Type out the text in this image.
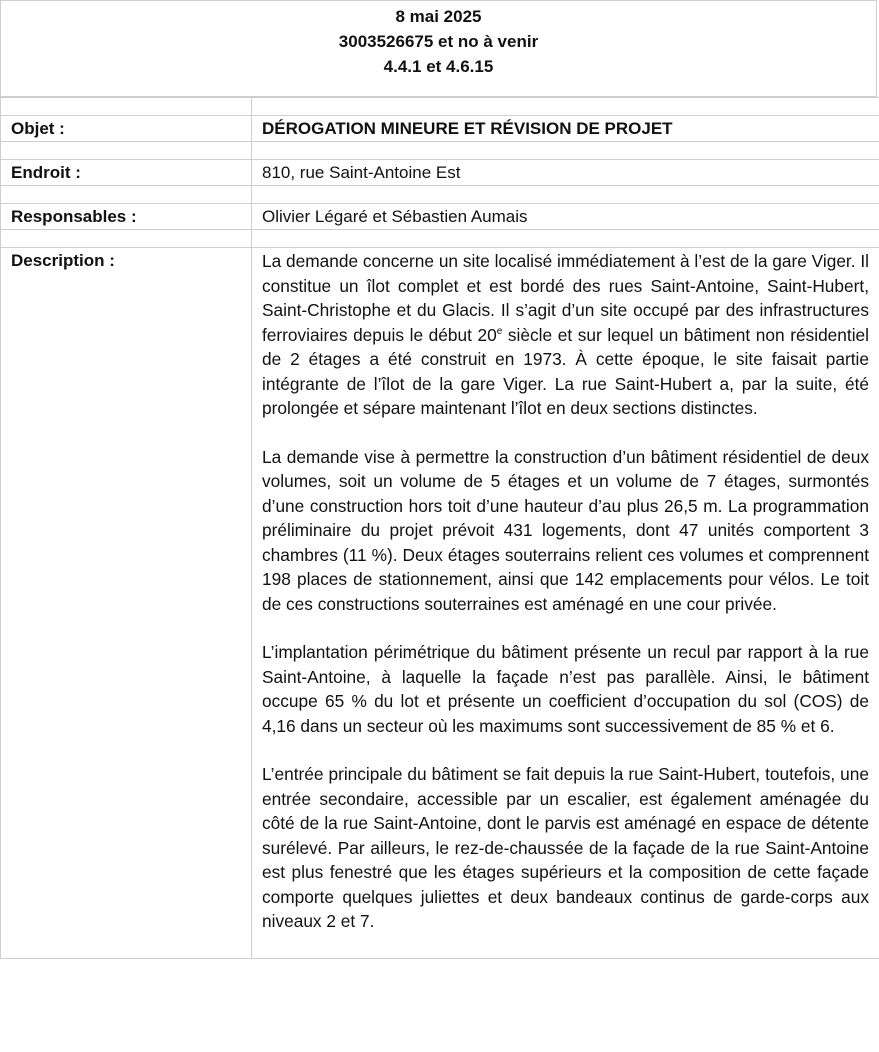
8 mai 2025
3003526675 et no à venir
4.4.1 et 4.6.15

Objet :	DÉROGATION MINEURE ET RÉVISION DE PROJET

Endroit :	810, rue Saint-Antoine Est

Responsables :	Olivier Légaré et Sébastien Aumais

Description :	La demande concerne un site localisé immédiatement à l’est de la gare Viger. Il constitue un îlot complet et est bordé des rues Saint-Antoine, Saint-Hubert, Saint-Christophe et du Glacis. Il s’agit d’un site occupé par des infrastructures ferroviaires depuis le début 20e siècle et sur lequel un bâtiment non résidentiel de 2 étages a été construit en 1973. À cette époque, le site faisait partie intégrante de l’îlot de la gare Viger. La rue Saint-Hubert a, par la suite, été prolongée et sépare maintenant l’îlot en deux sections distinctes.

La demande vise à permettre la construction d’un bâtiment résidentiel de deux volumes, soit un volume de 5 étages et un volume de 7 étages, surmontés d’une construction hors toit d’une hauteur d’au plus 26,5 m. La programmation préliminaire du projet prévoit 431 logements, dont 47 unités comportent 3 chambres (11 %). Deux étages souterrains relient ces volumes et comprennent 198 places de stationnement, ainsi que 142 emplacements pour vélos. Le toit de ces constructions souterraines est aménagé en une cour privée.

L’implantation périmétrique du bâtiment présente un recul par rapport à la rue Saint-Antoine, à laquelle la façade n’est pas parallèle. Ainsi, le bâtiment occupe 65 % du lot et présente un coefficient d’occupation du sol (COS) de 4,16 dans un secteur où les maximums sont successivement de 85 % et 6.

L’entrée principale du bâtiment se fait depuis la rue Saint-Hubert, toutefois, une entrée secondaire, accessible par un escalier, est également aménagée du côté de la rue Saint-Antoine, dont le parvis est aménagé en espace de détente surélevé. Par ailleurs, le rez-de-chaussée de la façade de la rue Saint-Antoine est plus fenestré que les étages supérieurs et la composition de cette façade comporte quelques juliettes et deux bandeaux continus de garde-corps aux niveaux 2 et 7.
